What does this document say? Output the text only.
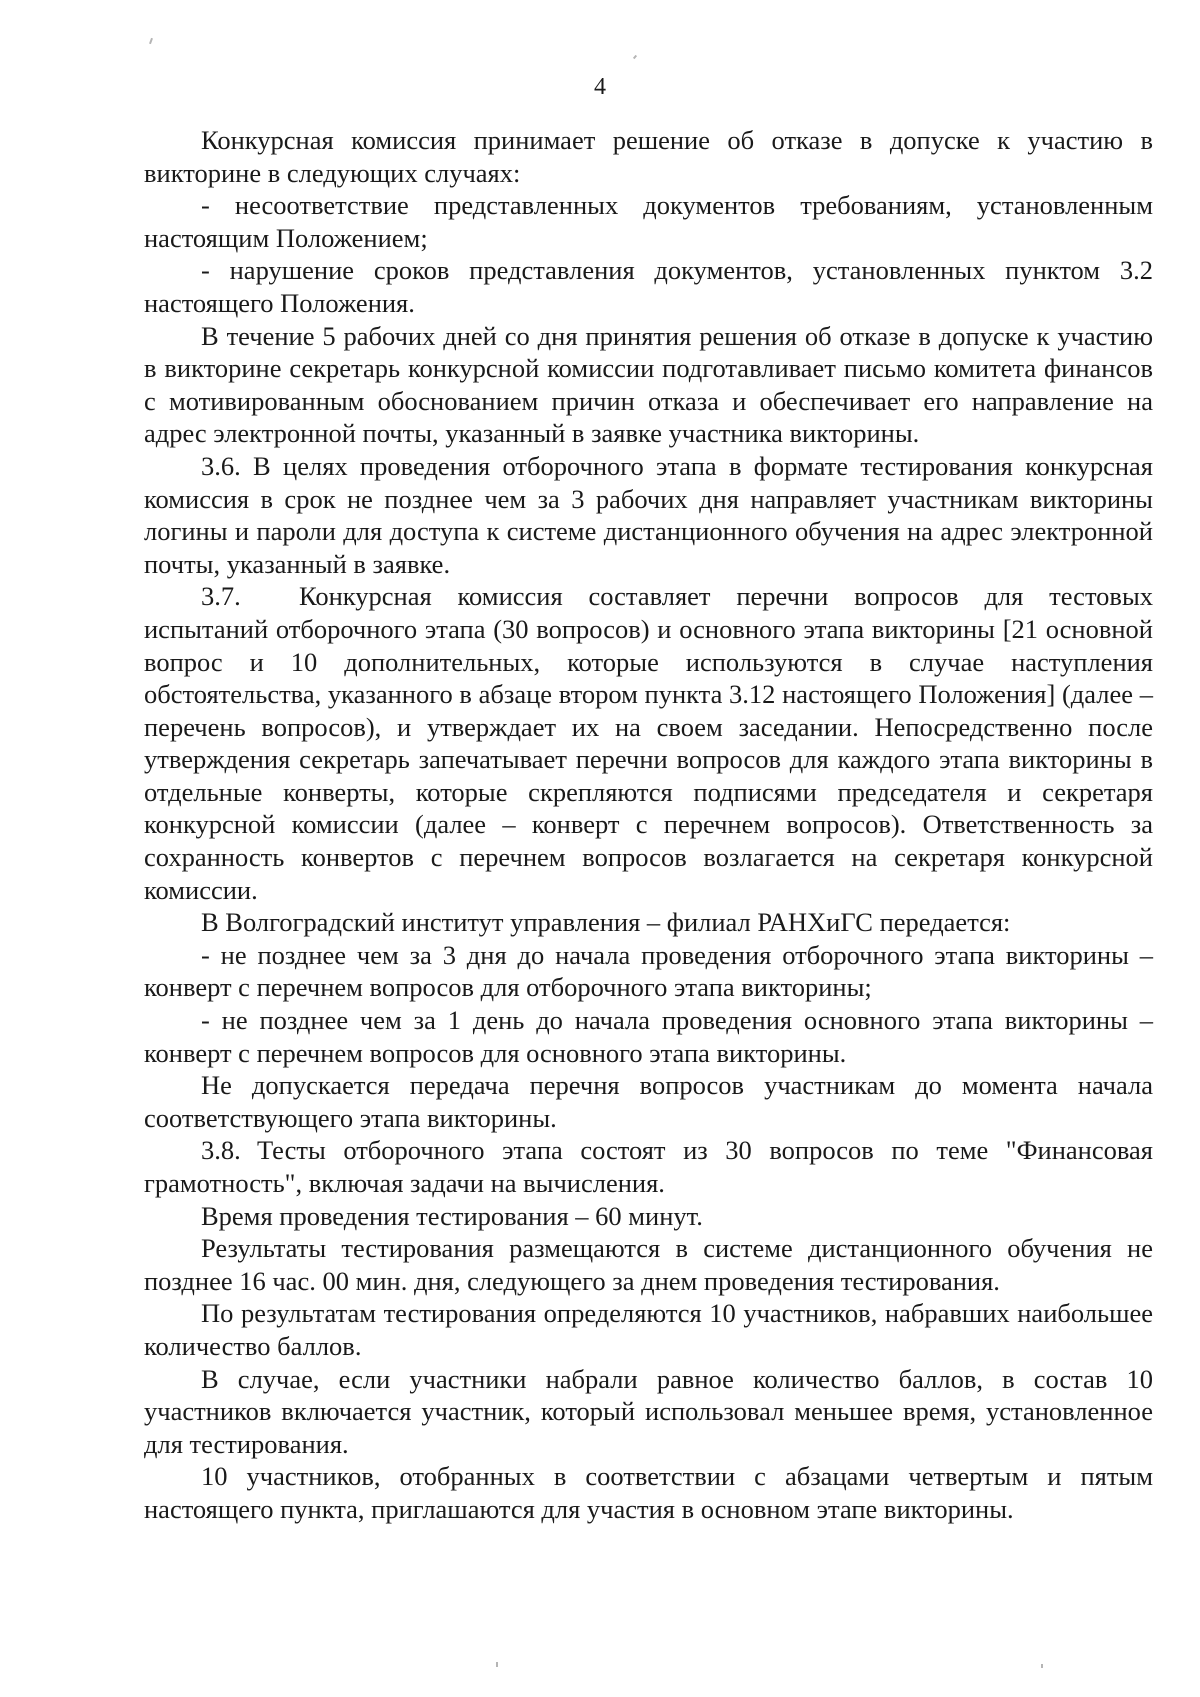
4

Конкурсная комиссия принимает решение об отказе в допуске к участию в викторине в следующих случаях:

- несоответствие представленных документов требованиям, установленным настоящим Положением;

- нарушение сроков представления документов, установленных пунктом 3.2 настоящего Положения.

В течение 5 рабочих дней со дня принятия решения об отказе в допуске к участию в викторине секретарь конкурсной комиссии подготавливает письмо комитета финансов с мотивированным обоснованием причин отказа и обеспечивает его направление на адрес электронной почты, указанный в заявке участника викторины.

3.6. В целях проведения отборочного этапа в формате тестирования конкурсная комиссия в срок не позднее чем за 3 рабочих дня направляет участникам викторины логины и пароли для доступа к системе дистанционного обучения на адрес электронной почты, указанный в заявке.

3.7. Конкурсная комиссия составляет перечни вопросов для тестовых испытаний отборочного этапа (30 вопросов) и основного этапа викторины [21 основной вопрос и 10 дополнительных, которые используются в случае наступления обстоятельства, указанного в абзаце втором пункта 3.12 настоящего Положения] (далее – перечень вопросов), и утверждает их на своем заседании. Непосредственно после утверждения секретарь запечатывает перечни вопросов для каждого этапа викторины в отдельные конверты, которые скрепляются подписями председателя и секретаря конкурсной комиссии (далее – конверт с перечнем вопросов). Ответственность за сохранность конвертов с перечнем вопросов возлагается на секретаря конкурсной комиссии.

В Волгоградский институт управления – филиал РАНХиГС передается:

- не позднее чем за 3 дня до начала проведения отборочного этапа викторины – конверт с перечнем вопросов для отборочного этапа викторины;

- не позднее чем за 1 день до начала проведения основного этапа викторины – конверт с перечнем вопросов для основного этапа викторины.

Не допускается передача перечня вопросов участникам до момента начала соответствующего этапа викторины.

3.8. Тесты отборочного этапа состоят из 30 вопросов по теме "Финансовая грамотность", включая задачи на вычисления.

Время проведения тестирования – 60 минут.

Результаты тестирования размещаются в системе дистанционного обучения не позднее 16 час. 00 мин. дня, следующего за днем проведения тестирования.

По результатам тестирования определяются 10 участников, набравших наибольшее количество баллов.

В случае, если участники набрали равное количество баллов, в состав 10 участников включается участник, который использовал меньшее время, установленное для тестирования.

10 участников, отобранных в соответствии с абзацами четвертым и пятым настоящего пункта, приглашаются для участия в основном этапе викторины.
